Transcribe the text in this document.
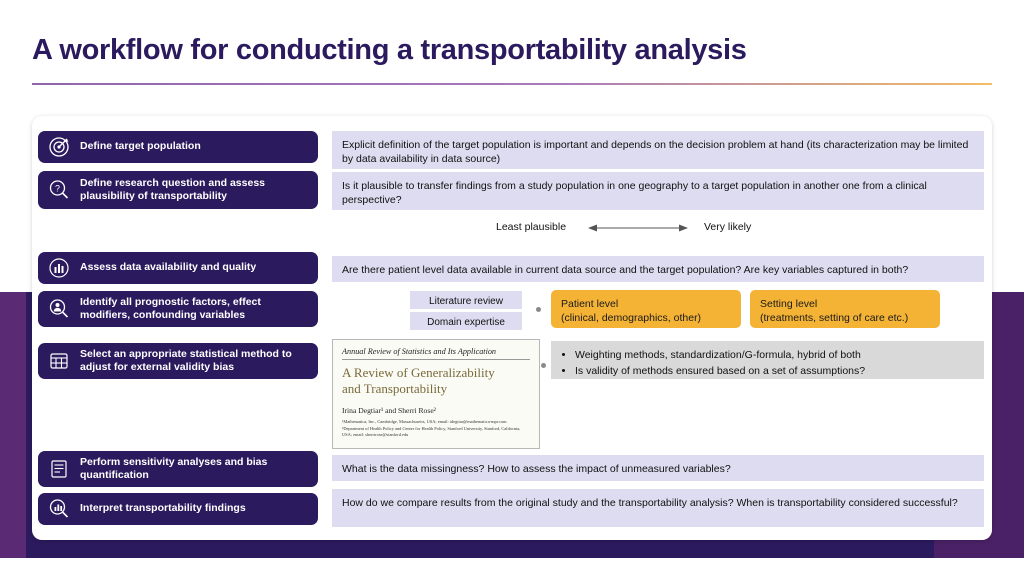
A workflow for conducting a transportability analysis
Define target population
? Define research question and assess plausibility of transportability
Assess data availability and quality
Identify all prognostic factors, effect modifiers, confounding variables
Select an appropriate statistical method to adjust for external validity bias
Perform sensitivity analyses and bias quantification
Interpret transportability findings
Explicit definition of the target population is important and depends on the decision problem at hand (its characterization may be limited by data availability in data source)
Is it plausible to transfer findings from a study population in one geography to a target population in another one from a clinical perspective?
Least plausible	Very likely
Are there patient level data available in current data source and the target population? Are key variables captured in both?
Literature review
Domain expertise
Patient level
(clinical, demographics, other)
Setting level
(treatments, setting of care etc.)
Annual Review of Statistics and Its Application
A Review of Generalizability
and Transportability
Irina Degtiar¹ and Sherri Rose²
¹Mathematica, Inc., Cambridge, Massachusetts, USA; email: idegtiar@mathematica-mpr.com
²Department of Health Policy and Center for Health Policy, Stanford University, Stanford, California, USA; email: sherrirose@stanford.edu
• Weighting methods, standardization/G-formula, hybrid of both
• Is validity of methods ensured based on a set of assumptions?
What is the data missingness? How to assess the impact of unmeasured variables?
How do we compare results from the original study and the transportability analysis? When is transportability considered successful?
